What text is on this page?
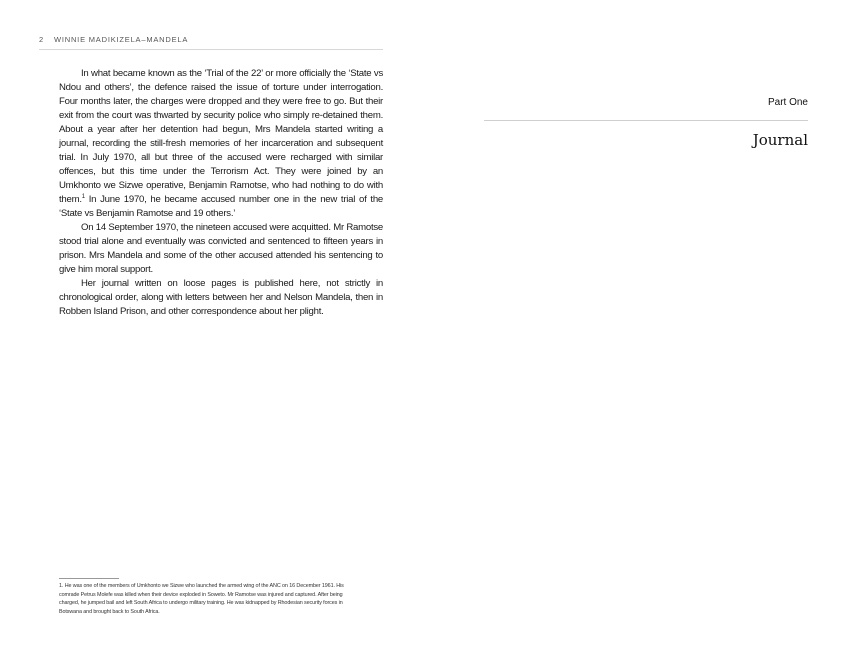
2 WINNIE MADIKIZELA–MANDELA

In what became known as the ‘Trial of the 22’ or more officially the ‘State vs Ndou and others’, the defence raised the issue of torture under interrogation. Four months later, the charges were dropped and they were free to go. But their exit from the court was thwarted by security police who simply re-detained them. About a year after her detention had begun, Mrs Mandela started writing a journal, recording the still-fresh memories of her incarceration and subsequent trial. In July 1970, all but three of the accused were recharged with similar offences, but this time under the Terrorism Act. They were joined by an Umkhonto we Sizwe operative, Benjamin Ramotse, who had nothing to do with them.$^1$ In June 1970, he became accused number one in the new trial of the ‘State vs Benjamin Ramotse and 19 others.’

On 14 September 1970, the nineteen accused were acquitted. Mr Ramotse stood trial alone and eventually was convicted and sentenced to fifteen years in prison. Mrs Mandela and some of the other accused attended his sentencing to give him moral support.

Her journal written on loose pages is published here, not strictly in chronological order, along with letters between her and Nelson Mandela, then in Robben Island Prison, and other correspondence about her plight.

1. He was one of the members of Umkhonto we Sizwe who launched the armed wing of the ANC on 16 December 1961. His comrade Petrus Molefe was killed when their device exploded in Soweto. Mr Ramotse was injured and captured. After being charged, he jumped bail and left South Africa to undergo military training. He was kidnapped by Rhodesian security forces in Botswana and brought back to South Africa.
Part One
Journal
